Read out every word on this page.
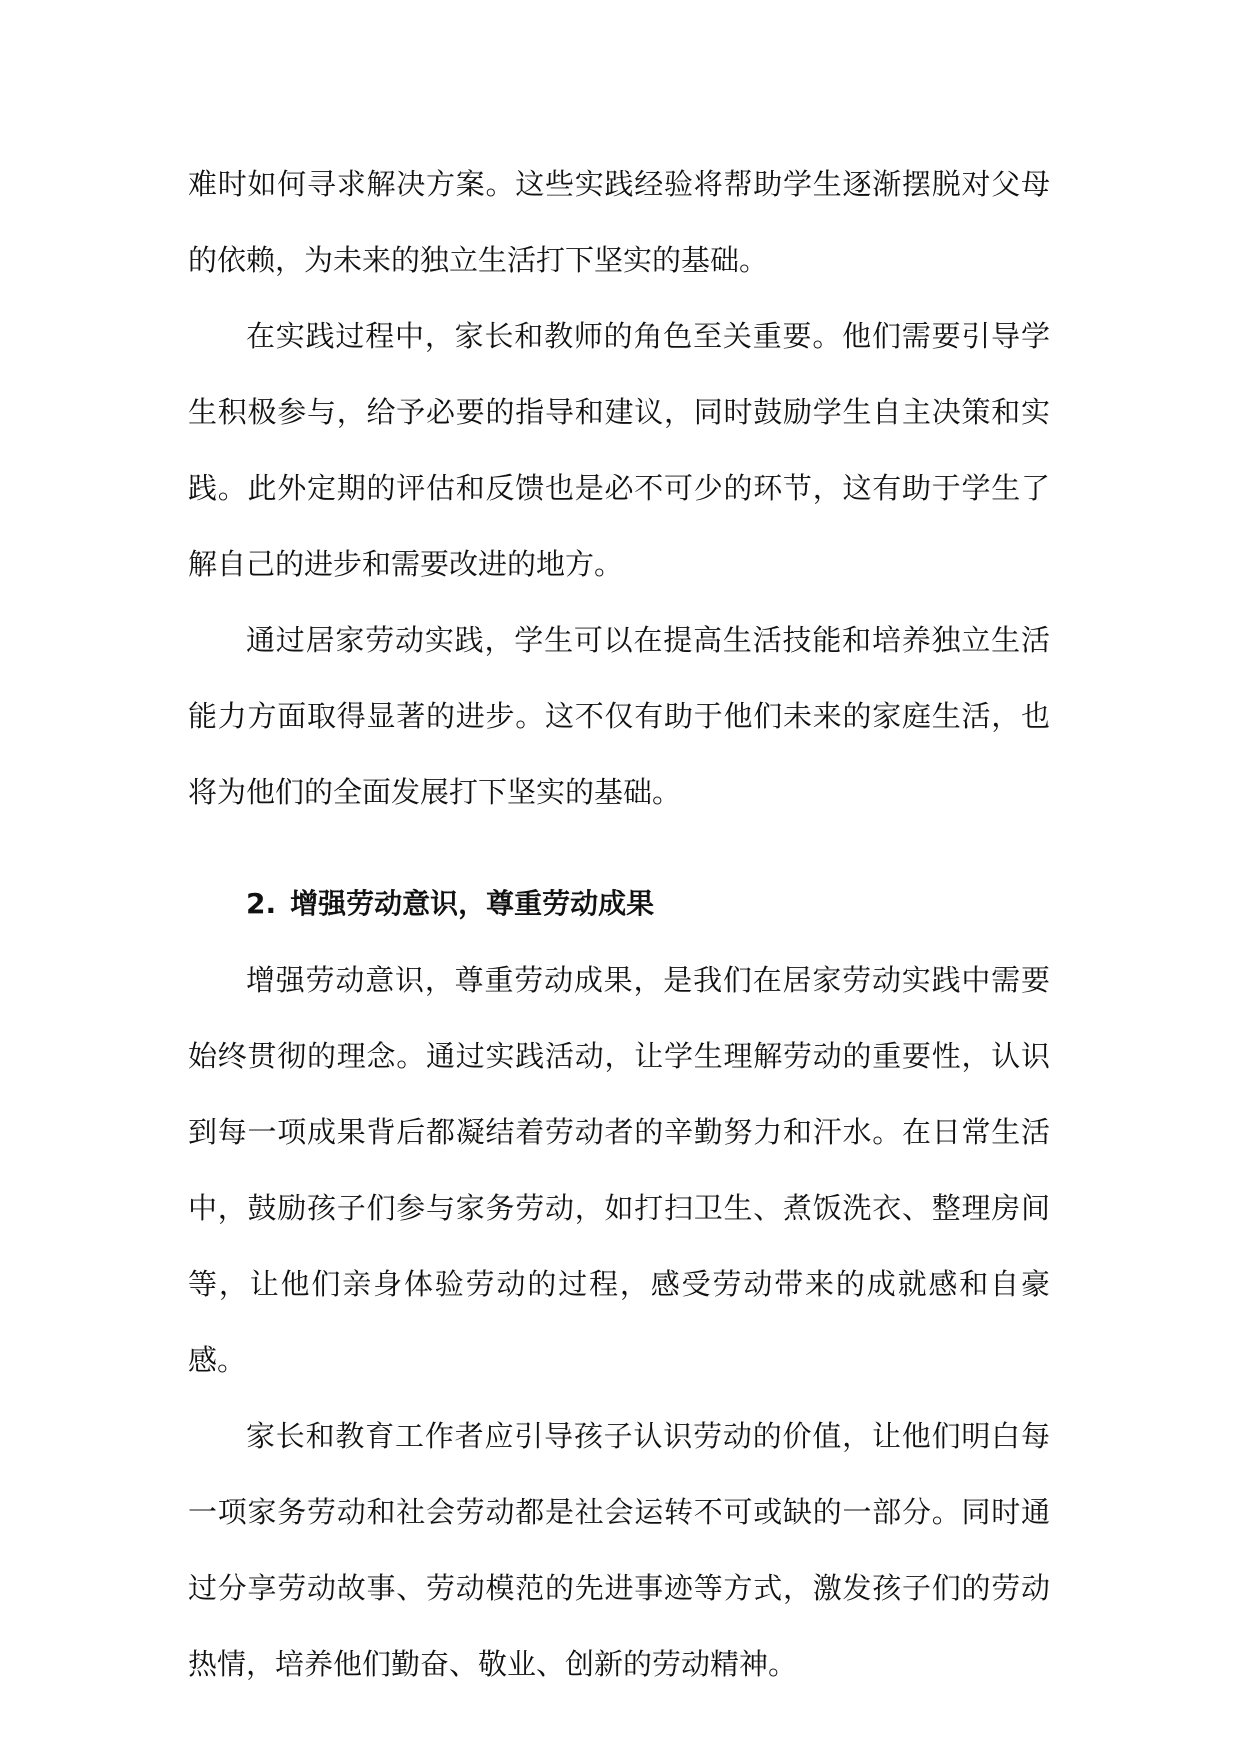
难时如何寻求解决方案。这些实践经验将帮助学生逐渐摆脱对父母的依赖，为未来的独立生活打下坚实的基础。

在实践过程中，家长和教师的角色至关重要。他们需要引导学生积极参与，给予必要的指导和建议，同时鼓励学生自主决策和实践。此外定期的评估和反馈也是必不可少的环节，这有助于学生了解自己的进步和需要改进的地方。

通过居家劳动实践，学生可以在提高生活技能和培养独立生活能力方面取得显著的进步。这不仅有助于他们未来的家庭生活，也将为他们的全面发展打下坚实的基础。

2. 增强劳动意识，尊重劳动成果

增强劳动意识，尊重劳动成果，是我们在居家劳动实践中需要始终贯彻的理念。通过实践活动，让学生理解劳动的重要性，认识到每一项成果背后都凝结着劳动者的辛勤努力和汗水。在日常生活中，鼓励孩子们参与家务劳动，如打扫卫生、煮饭洗衣、整理房间等，让他们亲身体验劳动的过程，感受劳动带来的成就感和自豪感。

家长和教育工作者应引导孩子认识劳动的价值，让他们明白每一项家务劳动和社会劳动都是社会运转不可或缺的一部分。同时通过分享劳动故事、劳动模范的先进事迹等方式，激发孩子们的劳动热情，培养他们勤奋、敬业、创新的劳动精神。
